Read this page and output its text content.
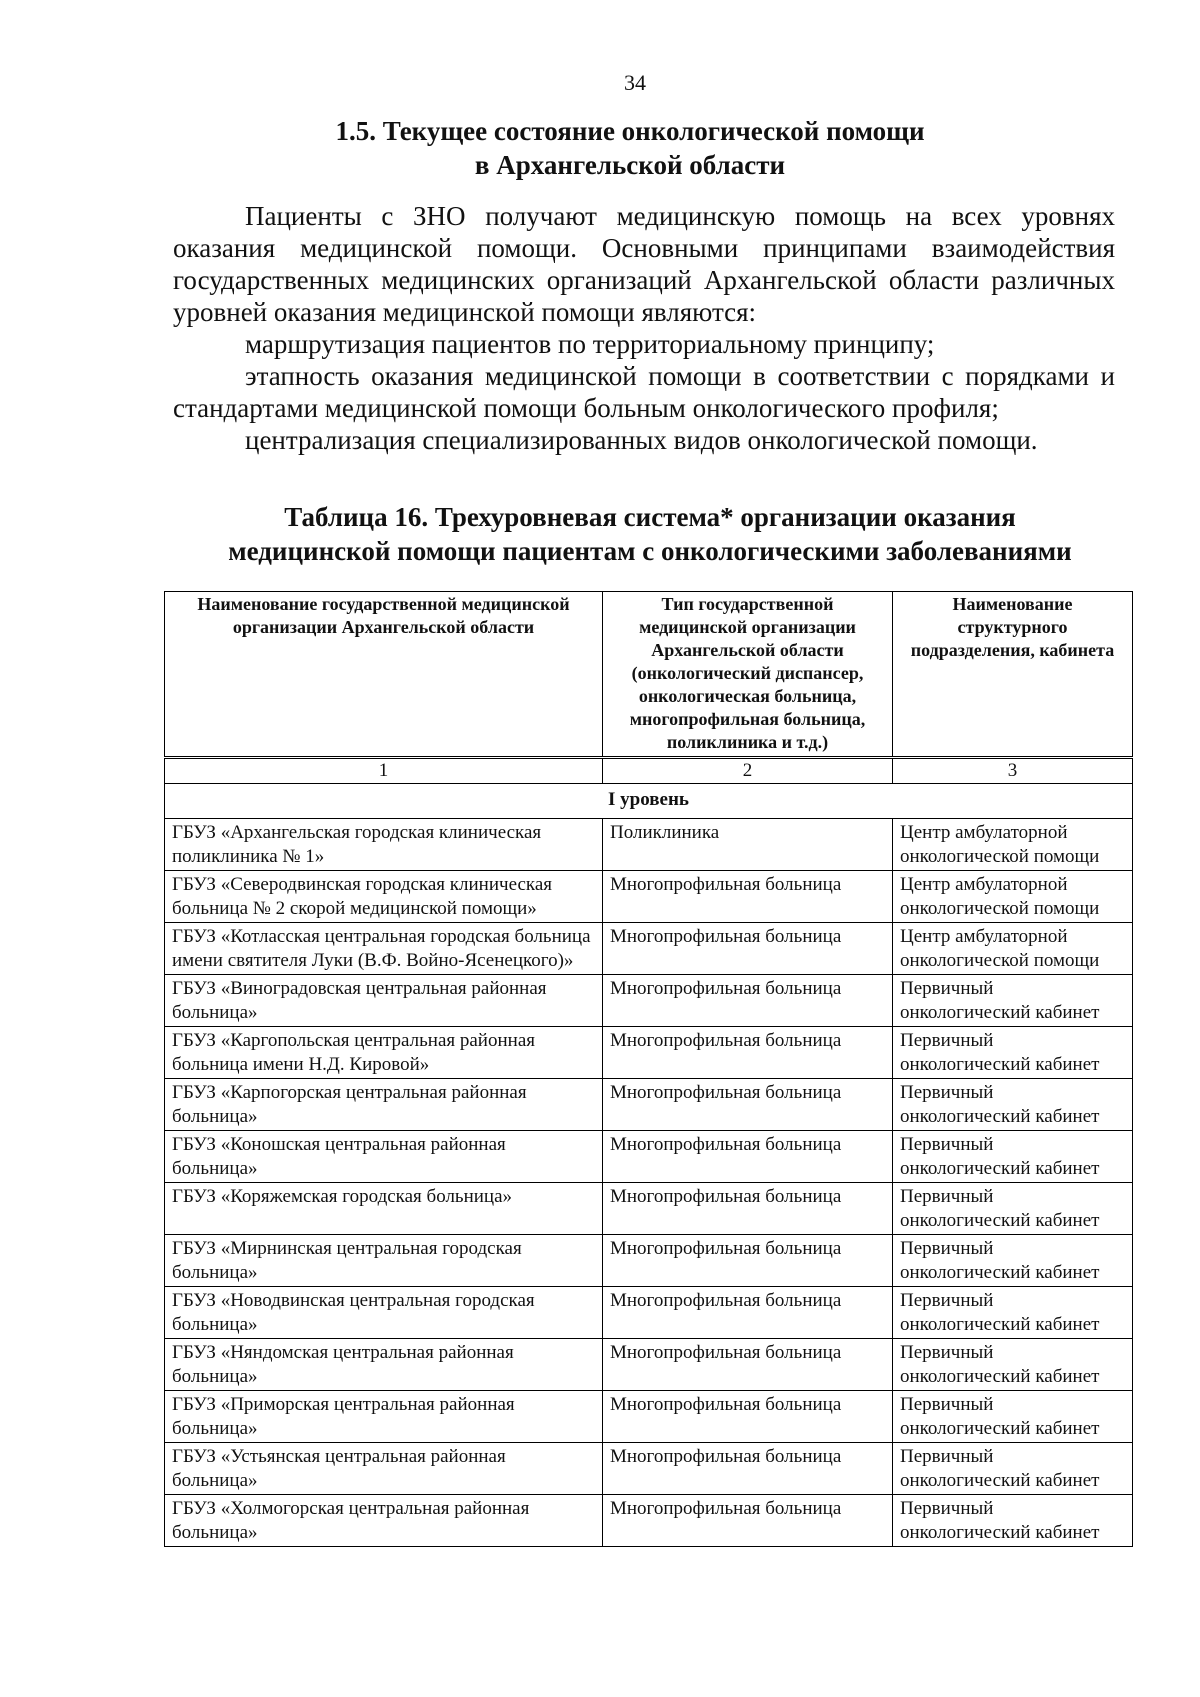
34
1.5. Текущее состояние онкологической помощи
в Архангельской области

Пациенты с ЗНО получают медицинскую помощь на всех уровнях оказания медицинской помощи. Основными принципами взаимодействия государственных медицинских организаций Архангельской области различных уровней оказания медицинской помощи являются:

маршрутизация пациентов по территориальному принципу;

этапность оказания медицинской помощи в соответствии с порядками и стандартами медицинской помощи больным онкологического профиля;

централизация специализированных видов онкологической помощи.

Таблица 16. Трехуровневая система* организации оказания
медицинской помощи пациентам с онкологическими заболеваниями
Наименование государственной медицинской организации Архангельской области	Тип государственной медицинской организации Архангельской области (онкологический диспансер, онкологическая больница, многопрофильная больница, поликлиника и т.д.)	Наименование структурного подразделения, кабинета

1	2	3
I уровень		
ГБУЗ «Архангельская городская клиническая поликлиника № 1»	Поликлиника	Центр амбулаторной онкологической помощи
ГБУЗ «Северодвинская городская клиническая больница № 2 скорой медицинской помощи»	Многопрофильная больница	Центр амбулаторной онкологической помощи
ГБУЗ «Котласская центральная городская больница имени святителя Луки (В.Ф. Войно-Ясенецкого)»	Многопрофильная больница	Центр амбулаторной онкологической помощи
ГБУЗ «Виноградовская центральная районная больница»	Многопрофильная больница	Первичный онкологический кабинет
ГБУЗ «Каргопольская центральная районная больница имени Н.Д. Кировой»	Многопрофильная больница	Первичный онкологический кабинет
ГБУЗ «Карпогорская центральная районная больница»	Многопрофильная больница	Первичный онкологический кабинет
ГБУЗ «Коношская центральная районная больница»	Многопрофильная больница	Первичный онкологический кабинет
ГБУЗ «Коряжемская городская больница»	Многопрофильная больница	Первичный онкологический кабинет
ГБУЗ «Мирнинская центральная городская больница»	Многопрофильная больница	Первичный онкологический кабинет
ГБУЗ «Новодвинская центральная городская больница»	Многопрофильная больница	Первичный онкологический кабинет
ГБУЗ «Няндомская центральная районная больница»	Многопрофильная больница	Первичный онкологический кабинет
ГБУЗ «Приморская центральная районная больница»	Многопрофильная больница	Первичный онкологический кабинет
ГБУЗ «Устьянская центральная районная больница»	Многопрофильная больница	Первичный онкологический кабинет
ГБУЗ «Холмогорская центральная районная больница»	Многопрофильная больница	Первичный онкологический кабинет
